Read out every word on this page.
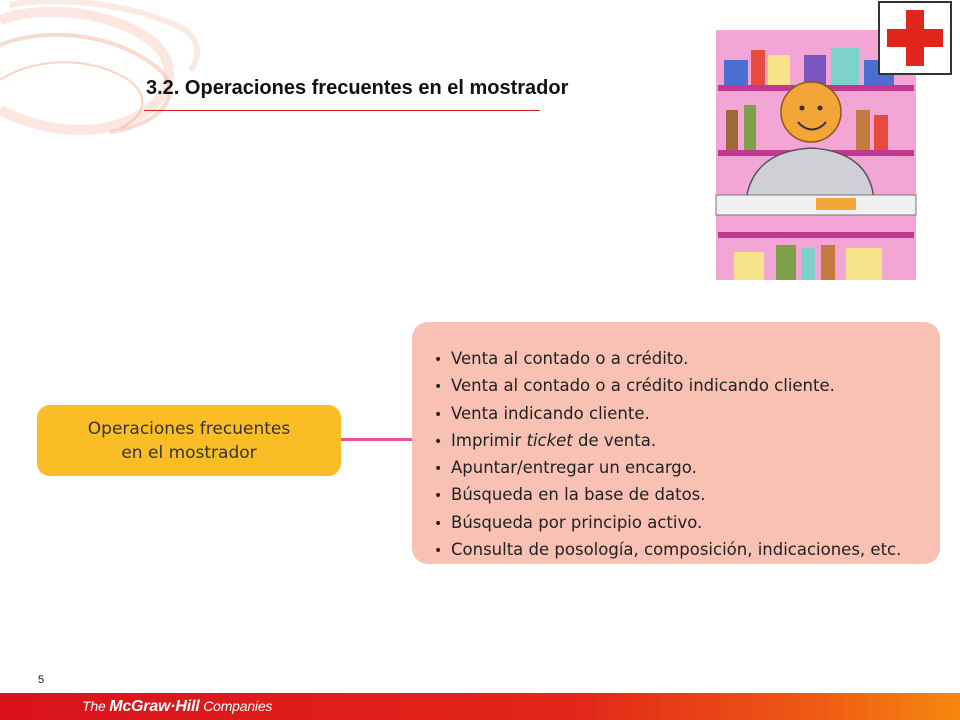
3.2. Operaciones frecuentes en el mostrador
Operaciones frecuentes
en el mostrador
• Venta al contado o a crédito.
• Venta al contado o a crédito indicando cliente.
• Venta indicando cliente.
• Imprimir ticket de venta.
• Apuntar/entregar un encargo.
• Búsqueda en la base de datos.
• Búsqueda por principio activo.
• Consulta de posología, composición, indicaciones, etc.
5
The McGraw·Hill Companies
